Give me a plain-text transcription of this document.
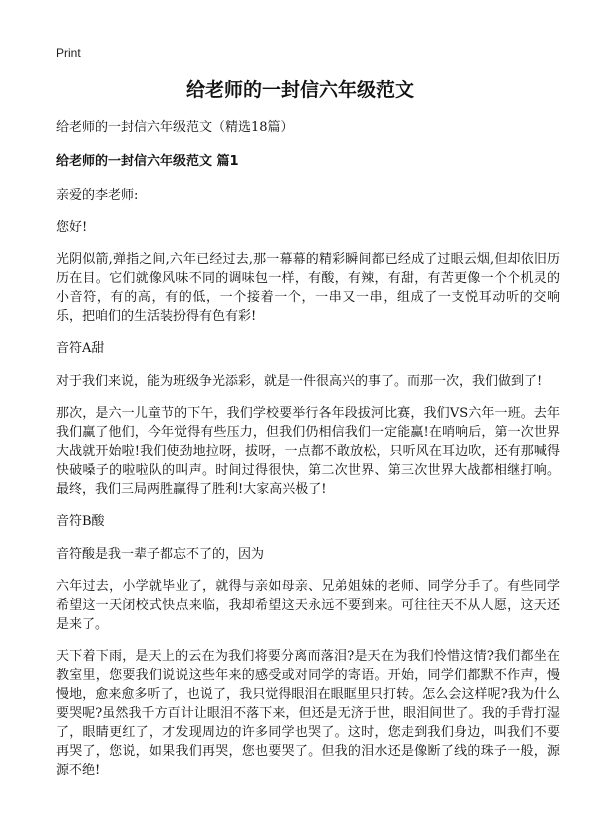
Print
给老师的一封信六年级范文

给老师的一封信六年级范文（精选18篇）

给老师的一封信六年级范文 篇1

亲爱的李老师:

您好!

光阴似箭,弹指之间,六年已经过去,那一幕幕的精彩瞬间都已经成了过眼云烟,但却依旧历历在目。它们就像风味不同的调味包一样，有酸，有辣，有甜，有苦更像一个个机灵的小音符，有的高，有的低，一个接着一个，一串又一串，组成了一支悦耳动听的交响乐，把咱们的生活装扮得有色有彩!

音符A甜

对于我们来说，能为班级争光添彩，就是一件很高兴的事了。而那一次，我们做到了!

那次，是六一儿童节的下午，我们学校要举行各年段拔河比赛，我们VS六年一班。去年我们赢了他们，今年觉得有些压力，但我们仍相信我们一定能赢!在哨响后，第一次世界大战就开始啦!我们使劲地拉呀，拔呀，一点都不敢放松，只听风在耳边吹，还有那喊得快破嗓子的啦啦队的叫声。时间过得很快，第二次世界、第三次世界大战都相继打响。最终，我们三局两胜赢得了胜利!大家高兴极了!

音符B酸

音符酸是我一辈子都忘不了的，因为

六年过去，小学就毕业了，就得与亲如母亲、兄弟姐妹的老师、同学分手了。有些同学希望这一天闭校式快点来临，我却希望这天永远不要到来。可往往天不从人愿，这天还是来了。

天下着下雨，是天上的云在为我们将要分离而落泪?是天在为我们怜惜这情?我们都坐在教室里，您要我们说说这些年来的感受或对同学的寄语。开始，同学们都默不作声，慢慢地，愈来愈多听了，也说了，我只觉得眼泪在眼眶里只打转。怎么会这样呢?我为什么要哭呢?虽然我千方百计让眼泪不落下来，但还是无济于世，眼泪间世了。我的手背打湿了，眼睛更红了，才发现周边的许多同学也哭了。这时，您走到我们身边，叫我们不要再哭了，您说，如果我们再哭，您也要哭了。但我的泪水还是像断了线的珠子一般，源源不绝!
